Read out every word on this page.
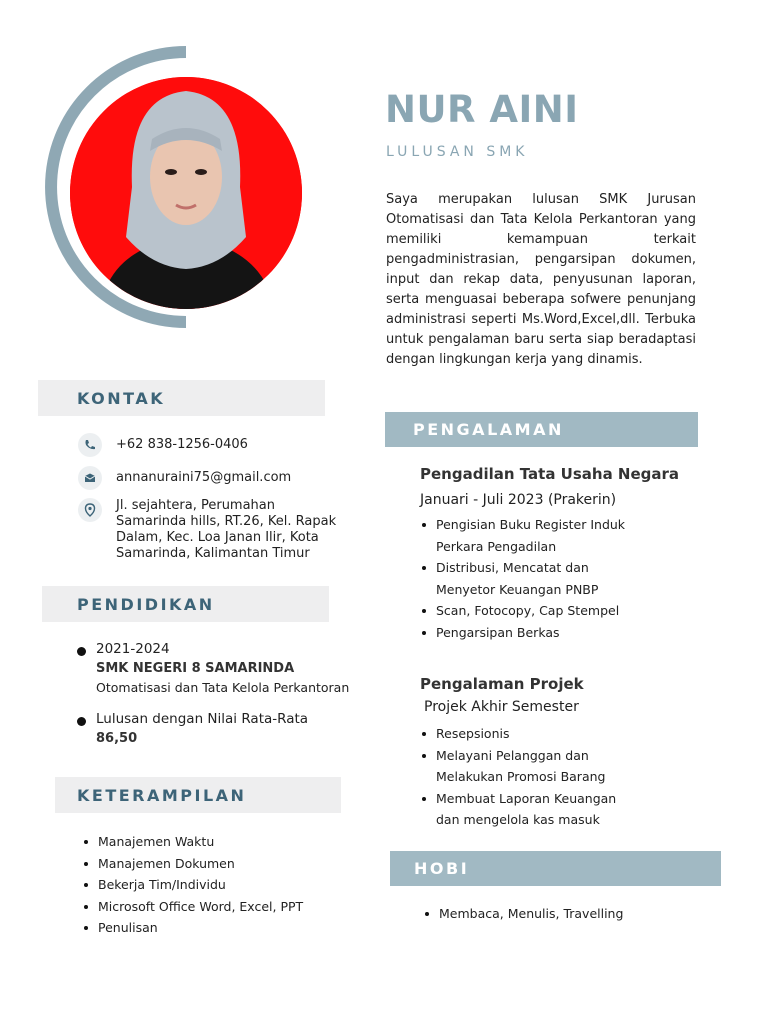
NUR AINI
LULUSAN SMK
Saya merupakan lulusan SMK Jurusan Otomatisasi dan Tata Kelola Perkantoran yang memiliki kemampuan terkait pengadministrasian, pengarsipan dokumen, input dan rekap data, penyusunan laporan, serta menguasai beberapa sofwere penunjang administrasi seperti Ms.Word,Excel,dll. Terbuka untuk pengalaman baru serta siap beradaptasi dengan lingkungan kerja yang dinamis.
KONTAK
+62 838-1256-0406
annanuraini75@gmail.com
Jl. sejahtera, Perumahan Samarinda hills, RT.26, Kel. Rapak Dalam, Kec. Loa Janan Ilir, Kota Samarinda, Kalimantan Timur
PENDIDIKAN
2021-2024
SMK NEGERI 8 SAMARINDA
Otomatisasi dan Tata Kelola Perkantoran
Lulusan dengan Nilai Rata-Rata
86,50
KETERAMPILAN
Manajemen Waktu
Manajemen Dokumen
Bekerja Tim/Individu
Microsoft Office Word, Excel, PPT
Penulisan
PENGALAMAN
Pengadilan Tata Usaha Negara
Januari - Juli 2023 (Prakerin)
Pengisian Buku Register Induk Perkara Pengadilan
Distribusi, Mencatat dan Menyetor Keuangan PNBP
Scan, Fotocopy, Cap Stempel
Pengarsipan Berkas
Pengalaman Projek
Projek Akhir Semester
Resepsionis
Melayani Pelanggan dan Melakukan Promosi Barang
Membuat Laporan Keuangan dan mengelola kas masuk
HOBI
Membaca, Menulis, Travelling
